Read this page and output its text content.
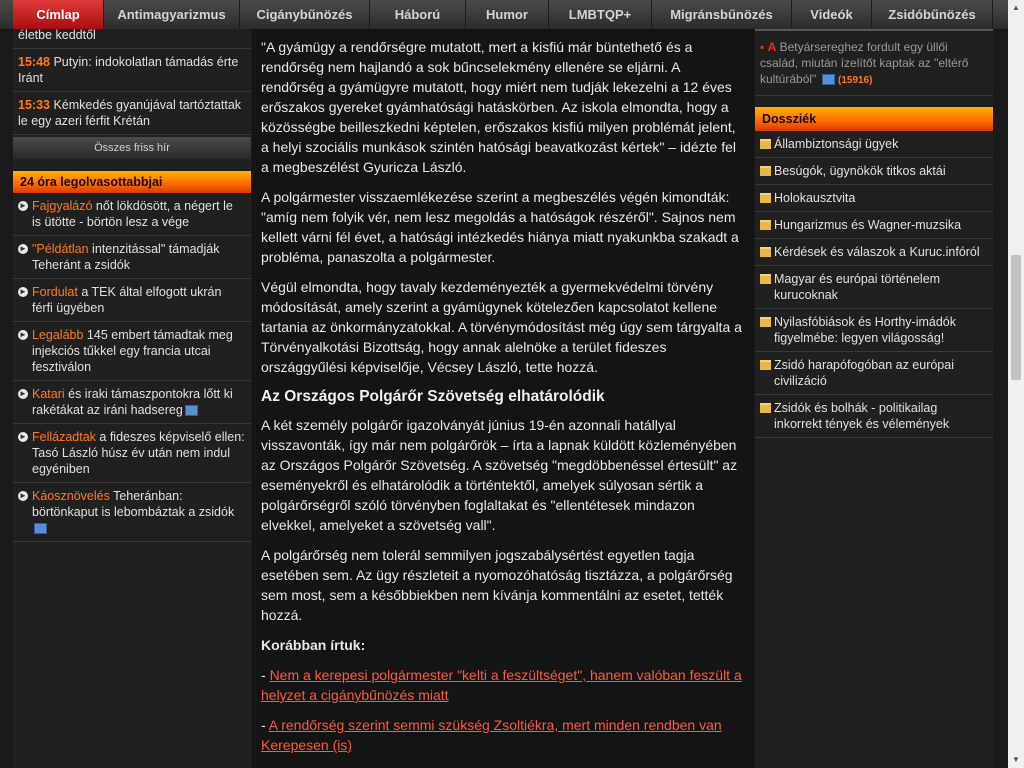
Címlap	Antimagyarizmus	Cigánybűnözés	Háború	Humor	LMBTQP+	Migránsbűnözés	Videók	Zsidóbűnözés
életbe keddtől
15:48 Putyin: indokolatlan támadás érte Iránt
15:33 Kémkedés gyanújával tartóztattak le egy azeri férfit Krétán
Összes friss hír
24 óra legolvasottabbjai
► Fajgyalázó nőt lökdösött, a négert le is ütötte - börtön lesz a vége
► "Példátlan intenzitással" támadják Teheránt a zsidók
► Fordulat a TEK által elfogott ukrán férfi ügyében
► Legalább 145 embert támadtak meg injekciós tűkkel egy francia utcai fesztiválon
► Katari és iraki támaszpontokra lőtt ki rakétákat az iráni hadsereg
► Fellázadtak a fideszes képviselő ellen: Tasó László húsz év után nem indul egyéniben
► Káosznövelés Teheránban: börtönkaput is lebombáztak a zsidók

"A gyámügy a rendőrségre mutatott, mert a kisfiú már büntethető és a rendőrség nem hajlandó a sok bűncselekmény ellenére se eljárni. A rendőrség a gyámügyre mutatott, hogy miért nem tudják lekezelni a 12 éves erőszakos gyereket gyámhatósági hatáskörben. Az iskola elmondta, hogy a közösségbe beilleszkedni képtelen, erőszakos kisfiú milyen problémát jelent, a helyi szociális munkások szintén hatósági beavatkozást kértek" – idézte fel a megbeszélést Gyuricza László.

A polgármester visszaemlékezése szerint a megbeszélés végén kimondták: "amíg nem folyik vér, nem lesz megoldás a hatóságok részéről". Sajnos nem kellett várni fél évet, a hatósági intézkedés hiánya miatt nyakunkba szakadt a probléma, panaszolta a polgármester.

Végül elmondta, hogy tavaly kezdeményezték a gyermekvédelmi törvény módosítását, amely szerint a gyámügynek kötelezően kapcsolatot kellene tartania az önkormányzatokkal. A törvénymódosítást még úgy sem tárgyalta a Törvényalkotási Bizottság, hogy annak alelnöke a terület fideszes országgyűlési képviselője, Vécsey László, tette hozzá.

Az Országos Polgárőr Szövetség elhatárolódik

A két személy polgárőr igazolványát június 19-én azonnali hatállyal visszavonták, így már nem polgárőrök – írta a lapnak küldött közleményében az Országos Polgárőr Szövetség. A szövetség "megdöbbenéssel értesült" az eseményekről és elhatárolódik a történtektől, amelyek súlyosan sértik a polgárőrségről szóló törvényben foglaltakat és "ellentétesek mindazon elvekkel, amelyeket a szövetség vall".

A polgárőrség nem tolerál semmilyen jogszabálysértést egyetlen tagja esetében sem. Az ügy részleteit a nyomozóhatóság tisztázza, a polgárőrség sem most, sem a későbbiekben nem kívánja kommentálni az esetet, tették hozzá.

Korábban írtuk:

- Nem a kerepesi polgármester "kelti a feszültséget", hanem valóban feszült a helyzet a cigánybűnözés miatt

- A rendőrség szerint semmi szükség Zsoltiékra, mert minden rendben van Kerepesen (is)

▪ A Betyársereghez fordult egy üllői család, miután ízelítőt kaptak az "eltérő kultúrából" (15916)
Dossziék
Állambiztonsági ügyek
Besúgók, ügynökök titkos aktái
Holokausztvita
Hungarizmus és Wagner-muzsika
Kérdések és válaszok a Kuruc.infóról
Magyar és európai történelem kurucoknak
Nyilasfóbiások és Horthy-imádók figyelmébe: legyen világosság!
Zsidó harapófogóban az európai civilizáció
Zsidók és bolhák - politikailag inkorrekt tények és vélemények
▲
▼
